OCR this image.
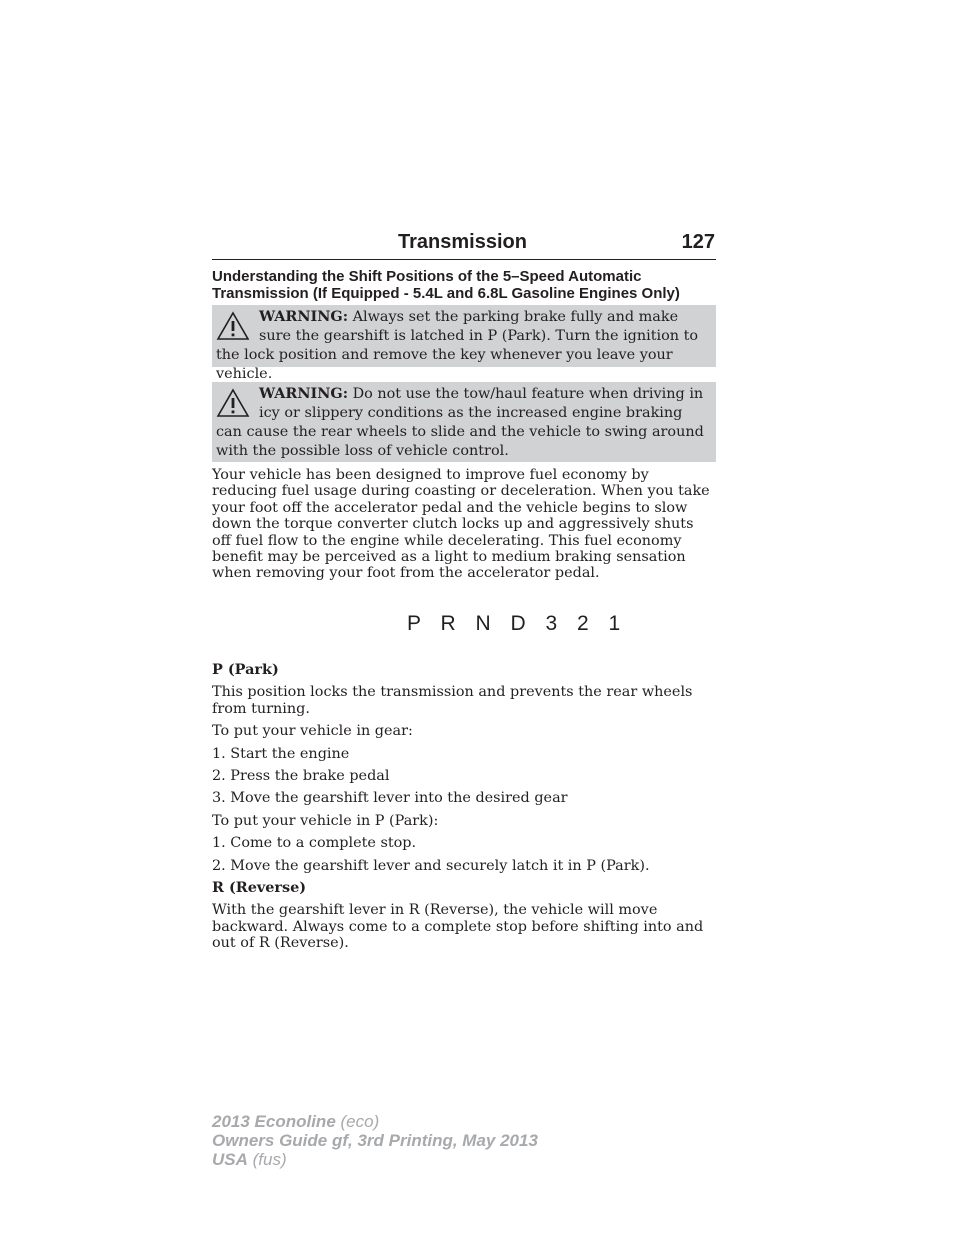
Transmission	127
Understanding the Shift Positions of the 5–Speed Automatic Transmission (If Equipped - 5.4L and 6.8L Gasoline Engines Only)
WARNING: Always set the parking brake fully and make sure the gearshift is latched in P (Park). Turn the ignition to the lock position and remove the key whenever you leave your vehicle.
WARNING: Do not use the tow/haul feature when driving in icy or slippery conditions as the increased engine braking can cause the rear wheels to slide and the vehicle to swing around with the possible loss of vehicle control.
Your vehicle has been designed to improve fuel economy by reducing fuel usage during coasting or deceleration. When you take your foot off the accelerator pedal and the vehicle begins to slow down the torque converter clutch locks up and aggressively shuts off fuel flow to the engine while decelerating. This fuel economy benefit may be perceived as a light to medium braking sensation when removing your foot from the accelerator pedal.
P R N D 3 2 1
P (Park)
This position locks the transmission and prevents the rear wheels from turning.
To put your vehicle in gear:
1. Start the engine
2. Press the brake pedal
3. Move the gearshift lever into the desired gear
To put your vehicle in P (Park):
1. Come to a complete stop.
2. Move the gearshift lever and securely latch it in P (Park).
R (Reverse)
With the gearshift lever in R (Reverse), the vehicle will move backward. Always come to a complete stop before shifting into and out of R (Reverse).
2013 Econoline (eco)
Owners Guide gf, 3rd Printing, May 2013
USA (fus)
